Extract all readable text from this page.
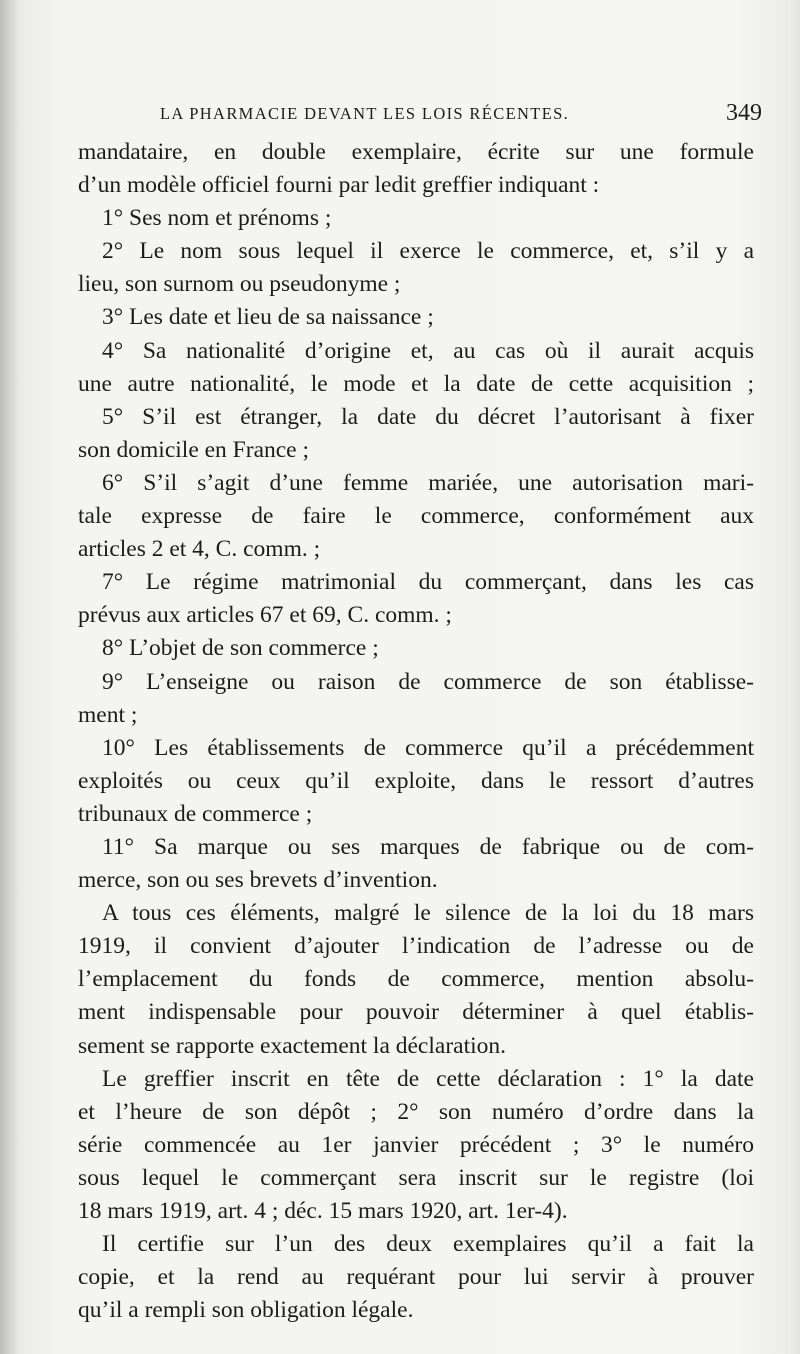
LA PHARMACIE DEVANT LES LOIS RÉCENTES.	349
mandataire, en double exemplaire, écrite sur une formule
d’un modèle officiel fourni par ledit greffier indiquant :
1° Ses nom et prénoms ;
2° Le nom sous lequel il exerce le commerce, et, s’il y a
lieu, son surnom ou pseudonyme ;
3° Les date et lieu de sa naissance ;
4° Sa nationalité d’origine et, au cas où il aurait acquis
une autre nationalité, le mode et la date de cette acquisition ;
5° S’il est étranger, la date du décret l’autorisant à fixer
son domicile en France ;
6° S’il s’agit d’une femme mariée, une autorisation mari-
tale expresse de faire le commerce, conformément aux
articles 2 et 4, C. comm. ;
7° Le régime matrimonial du commerçant, dans les cas
prévus aux articles 67 et 69, C. comm. ;
8° L’objet de son commerce ;
9° L’enseigne ou raison de commerce de son établisse-
ment ;
10° Les établissements de commerce qu’il a précédemment
exploités ou ceux qu’il exploite, dans le ressort d’autres
tribunaux de commerce ;
11° Sa marque ou ses marques de fabrique ou de com-
merce, son ou ses brevets d’invention.
A tous ces éléments, malgré le silence de la loi du 18 mars
1919, il convient d’ajouter l’indication de l’adresse ou de
l’emplacement du fonds de commerce, mention absolu-
ment indispensable pour pouvoir déterminer à quel établis-
sement se rapporte exactement la déclaration.
Le greffier inscrit en tête de cette déclaration : 1° la date
et l’heure de son dépôt ; 2° son numéro d’ordre dans la
série commencée au 1er janvier précédent ; 3° le numéro
sous lequel le commerçant sera inscrit sur le registre (loi
18 mars 1919, art. 4 ; déc. 15 mars 1920, art. 1er-4).
Il certifie sur l’un des deux exemplaires qu’il a fait la
copie, et la rend au requérant pour lui servir à prouver
qu’il a rempli son obligation légale.
